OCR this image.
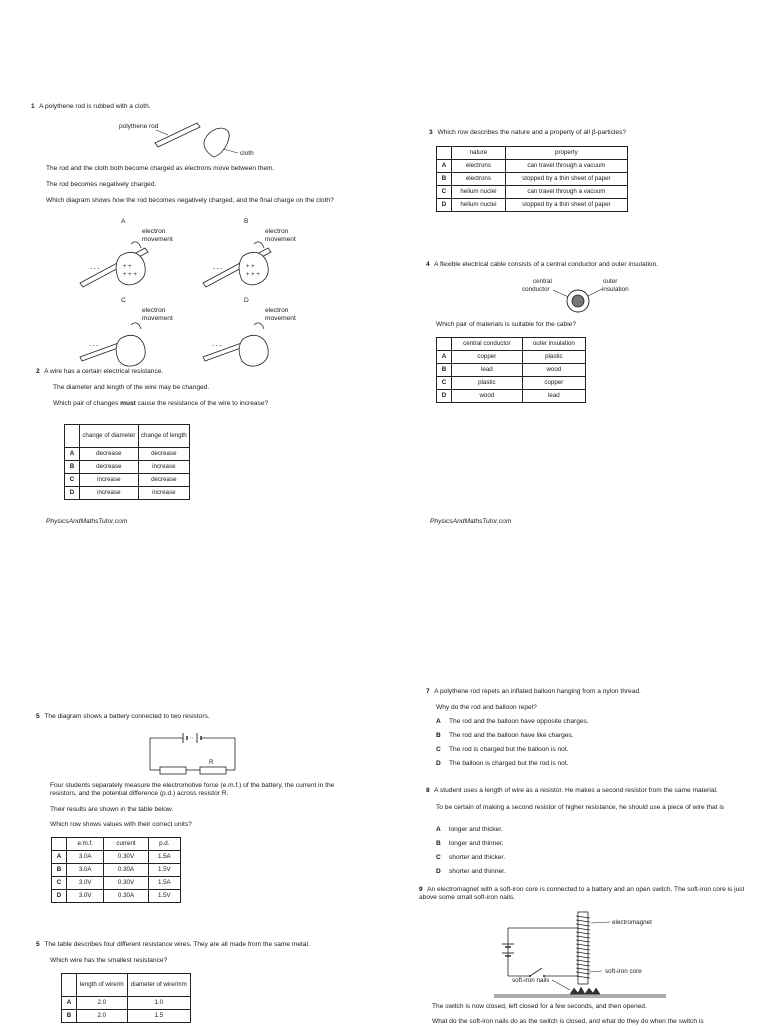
1 A polythene rod is rubbed with a cloth.
polythene rod
cloth
The rod and the cloth both become charged as electrons move between them.
The rod becomes negatively charged.
Which diagram shows how the rod becomes negatively charged, and the final charge on the cloth?
A
electron movement
- - -	+ +
+ + +
B
electron movement
- - -	+ +
+ + +
C
electron movement
- - -
D
electron movement
- - -
2 A wire has a certain electrical resistance.
The diameter and length of the wire may be changed.
Which pair of changes must cause the resistance of the wire to increase?
	change of diameter	change of length
A	decrease	decrease
B	decrease	increase
C	increase	decrease
D	increase	increase
PhysicsAndMathsTutor.com
3 Which row describes the nature and a property of all β-particles?
	nature	property
A	electrons	can travel through a vacuum
B	electrons	stopped by a thin sheet of paper
C	helium nuclei	can travel through a vacuum
D	helium nuclei	stopped by a thin sheet of paper
4 A flexible electrical cable consists of a central conductor and outer insulation.
central
conductor
outer
insulation
Which pair of materials is suitable for the cable?
	central conductor	outer insulation
A	copper	plastic
B	lead	wood
C	plastic	copper
D	wood	lead
PhysicsAndMathsTutor.com
5 The diagram shows a battery connected to two resistors.
R
Four students separately measure the electromotive force (e.m.f.) of the battery, the current in the resistors, and the potential difference (p.d.) across resistor R.
Their results are shown in the table below.
Which row shows values with their correct units?
	e.m.f.	current	p.d.
A	3.0A	0.30V	1.5A
B	3.0A	0.30A	1.5V
C	3.0V	0.30V	1.5A
D	3.0V	0.30A	1.5V
5 The table describes four different resistance wires. They are all made from the same metal.
Which wire has the smallest resistance?
	length of wire/m	diameter of wire/mm
A	2.0	1.0
B	2.0	1.5
7 A polythene rod repels an inflated balloon hanging from a nylon thread.
Why do the rod and balloon repel?
A The rod and the balloon have opposite charges.
B The rod and the balloon have like charges.
C The rod is charged but the balloon is not.
D The balloon is charged but the rod is not.
8 A student uses a length of wire as a resistor. He makes a second resistor from the same material.
To be certain of making a second resistor of higher resistance, he should use a piece of wire that is
A longer and thicker.
B longer and thinner.
C shorter and thicker.
D shorter and thinner.
9 An electromagnet with a soft-iron core is connected to a battery and an open switch. The soft-iron core is just above some small soft-iron nails.
electromagnet
soft-iron core
soft-iron nails
The switch is now closed, left closed for a few seconds, and then opened.
What do the soft-iron nails do as the switch is closed, and what do they do when the switch is
